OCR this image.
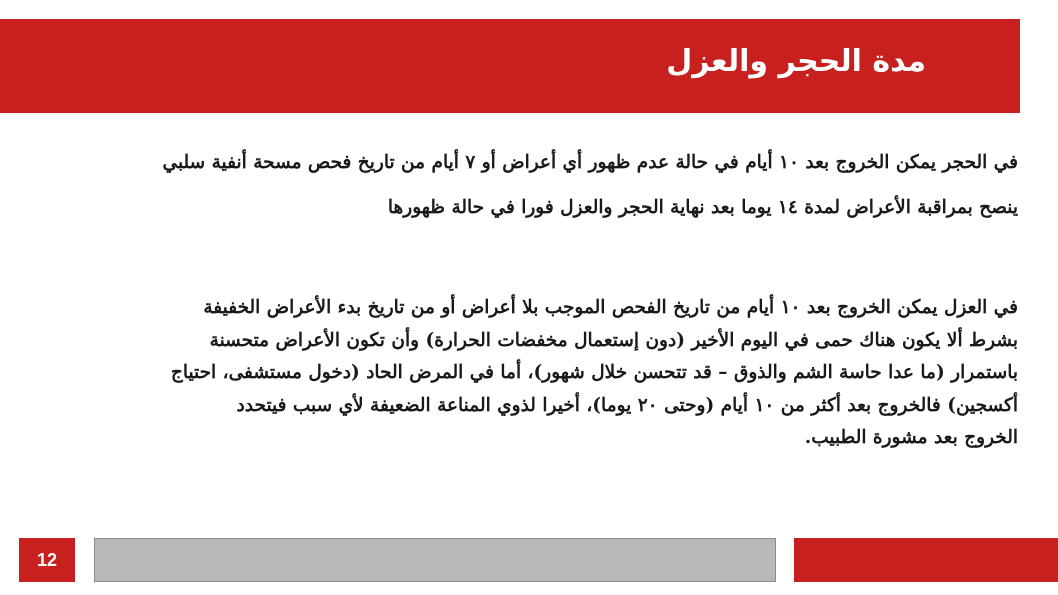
مدة الحجر والعزل
في الحجر يمكن الخروج بعد ١٠ أيام في حالة عدم ظهور أي أعراض أو ٧ أيام من تاريخ فحص مسحة أنفية سلبي
ينصح بمراقبة الأعراض لمدة ١٤ يوما بعد نهاية الحجر والعزل فورا في حالة ظهورها
في العزل يمكن الخروج بعد ١٠ أيام من تاريخ الفحص الموجب بلا أعراض أو من تاريخ بدء الأعراض الخفيفة
بشرط ألا يكون هناك حمى في اليوم الأخير (دون إستعمال مخفضات الحرارة) وأن تكون الأعراض متحسنة
باستمرار (ما عدا حاسة الشم والذوق – قد تتحسن خلال شهور)، أما في المرض الحاد (دخول مستشفى، احتياج
أكسجين) فالخروج بعد أكثر من ١٠ أيام (وحتى ٢٠ يوما)، أخيرا لذوي المناعة الضعيفة لأي سبب فيتحدد
الخروج بعد مشورة الطبيب.
12
